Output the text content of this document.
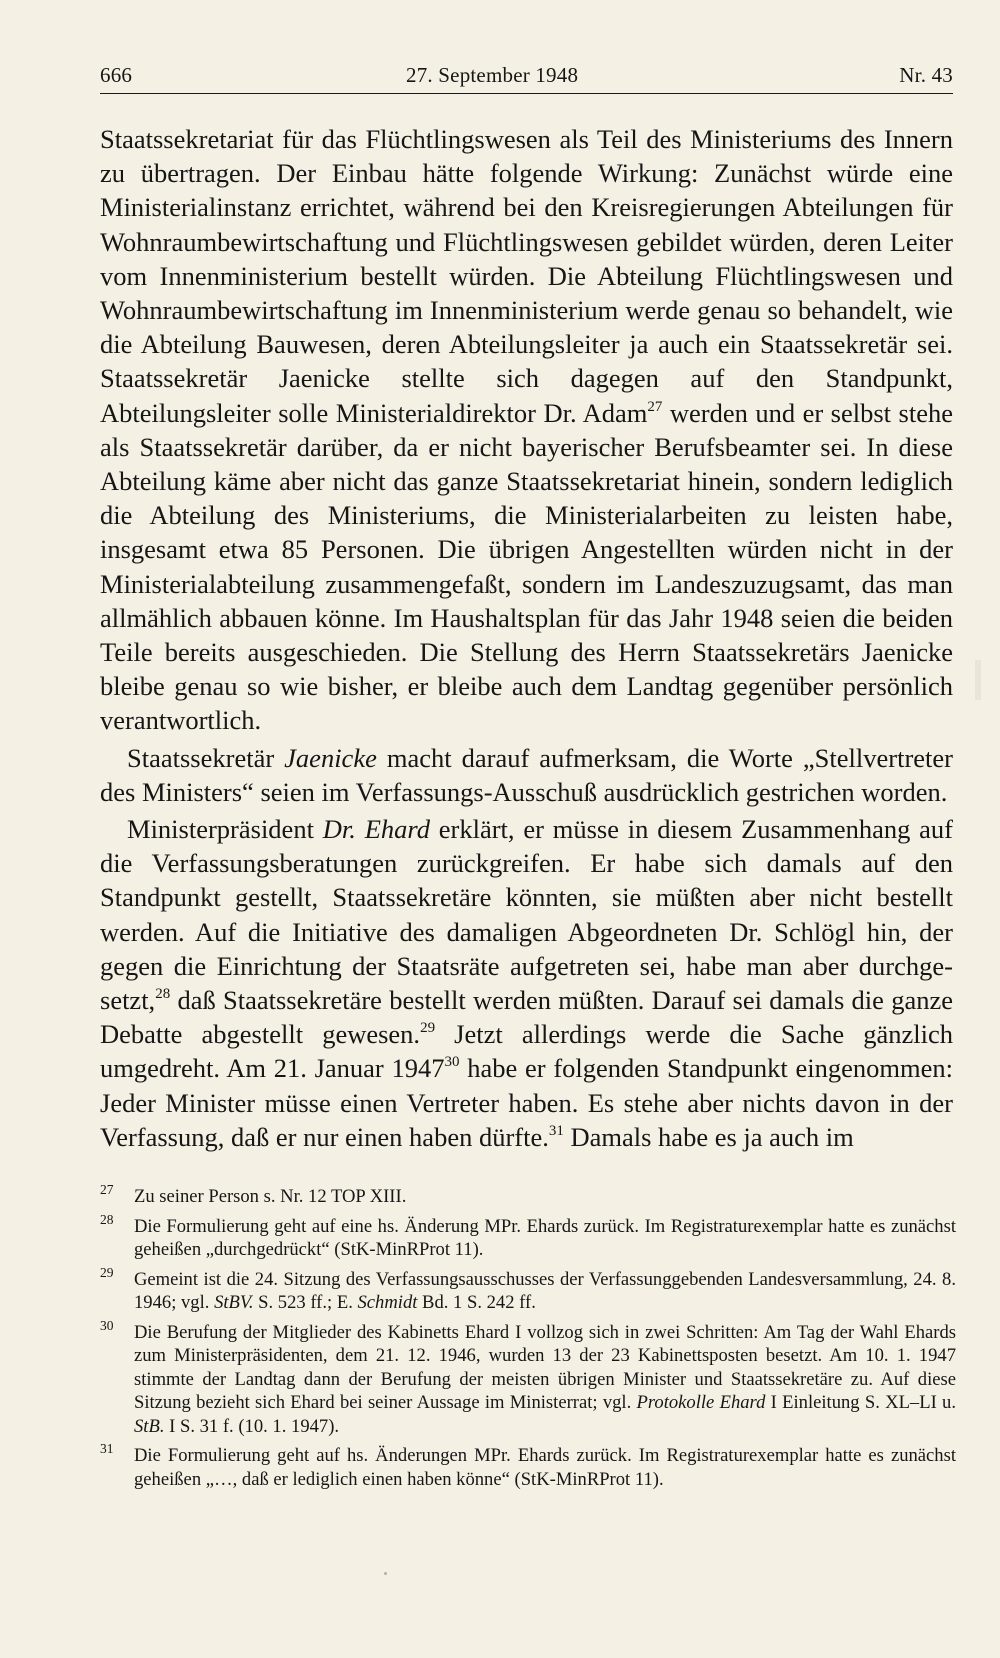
666	27. September 1948	Nr. 43

Staatssekretariat für das Flüchtlingswesen als Teil des Ministeriums des Innern zu übertragen. Der Einbau hätte folgende Wirkung: Zunächst würde eine Ministerialinstanz errichtet, während bei den Kreisregierungen Abteilungen für Wohnraumbewirtschaftung und Flüchtlingswesen gebildet würden, deren Leiter vom Innenministerium bestellt würden. Die Abteilung Flüchtlingswesen und Wohnraumbewirtschaftung im Innenministerium werde genau so behandelt, wie die Abteilung Bauwesen, deren Abteilungsleiter ja auch ein Staatssekretär sei. Staatssekretär Jaenicke stellte sich dagegen auf den Standpunkt, Abteilungsleiter solle Ministerialdirektor Dr. Adam$^{27}$ werden und er selbst stehe als Staatssekretär darüber, da er nicht bayerischer Berufsbeamter sei. In diese Abteilung käme aber nicht das ganze Staatssekretariat hinein, sondern lediglich die Abteilung des Ministeriums, die Ministerialarbeiten zu leisten habe, insgesamt etwa 85 Personen. Die übrigen Angestellten würden nicht in der Ministerialabteilung zusammengefaßt, sondern im Landeszuzugsamt, das man allmählich abbauen könne. Im Haushaltsplan für das Jahr 1948 seien die beiden Teile bereits ausgeschieden. Die Stellung des Herrn Staatssekretärs Jaenicke bleibe genau so wie bisher, er bleibe auch dem Landtag gegenüber persönlich verantwortlich.

Staatssekretär Jaenicke macht darauf aufmerksam, die Worte „Stellvertreter des Ministers“ seien im Verfassungs-Ausschuß ausdrücklich gestrichen worden.

Ministerpräsident Dr. Ehard erklärt, er müsse in diesem Zusammenhang auf die Verfassungsberatungen zurückgreifen. Er habe sich damals auf den Standpunkt gestellt, Staatssekretäre könnten, sie müßten aber nicht bestellt werden. Auf die Initiative des damaligen Abgeordneten Dr. Schlögl hin, der gegen die Einrichtung der Staatsräte aufgetreten sei, habe man aber durchgesetzt,$^{28}$ daß Staatssekretäre bestellt werden müßten. Darauf sei damals die ganze Debatte abgestellt gewesen.$^{29}$ Jetzt allerdings werde die Sache gänzlich umgedreht. Am 21. Januar 1947$^{30}$ habe er folgenden Standpunkt eingenommen: Jeder Minister müsse einen Vertreter haben. Es stehe aber nichts davon in der Verfassung, daß er nur einen haben dürfte.$^{31}$ Damals habe es ja auch im

27 Zu seiner Person s. Nr. 12 TOP XIII.
28 Die Formulierung geht auf eine hs. Änderung MPr. Ehards zurück. Im Registraturexemplar hatte es zunächst geheißen „durchgedrückt“ (StK-MinRProt 11).
29 Gemeint ist die 24. Sitzung des Verfassungsausschusses der Verfassunggebenden Landesversammlung, 24. 8. 1946; vgl. StBV. S. 523 ff.; E. Schmidt Bd. 1 S. 242 ff.
30 Die Berufung der Mitglieder des Kabinetts Ehard I vollzog sich in zwei Schritten: Am Tag der Wahl Ehards zum Ministerpräsidenten, dem 21. 12. 1946, wurden 13 der 23 Kabinettsposten besetzt. Am 10. 1. 1947 stimmte der Landtag dann der Berufung der meisten übrigen Minister und Staatssekretäre zu. Auf diese Sitzung bezieht sich Ehard bei seiner Aussage im Ministerrat; vgl. Protokolle Ehard I Einleitung S. XL–LI u. StB. I S. 31 f. (10. 1. 1947).
31 Die Formulierung geht auf hs. Änderungen MPr. Ehards zurück. Im Registraturexemplar hatte es zunächst geheißen „…, daß er lediglich einen haben könne“ (StK-MinRProt 11).
